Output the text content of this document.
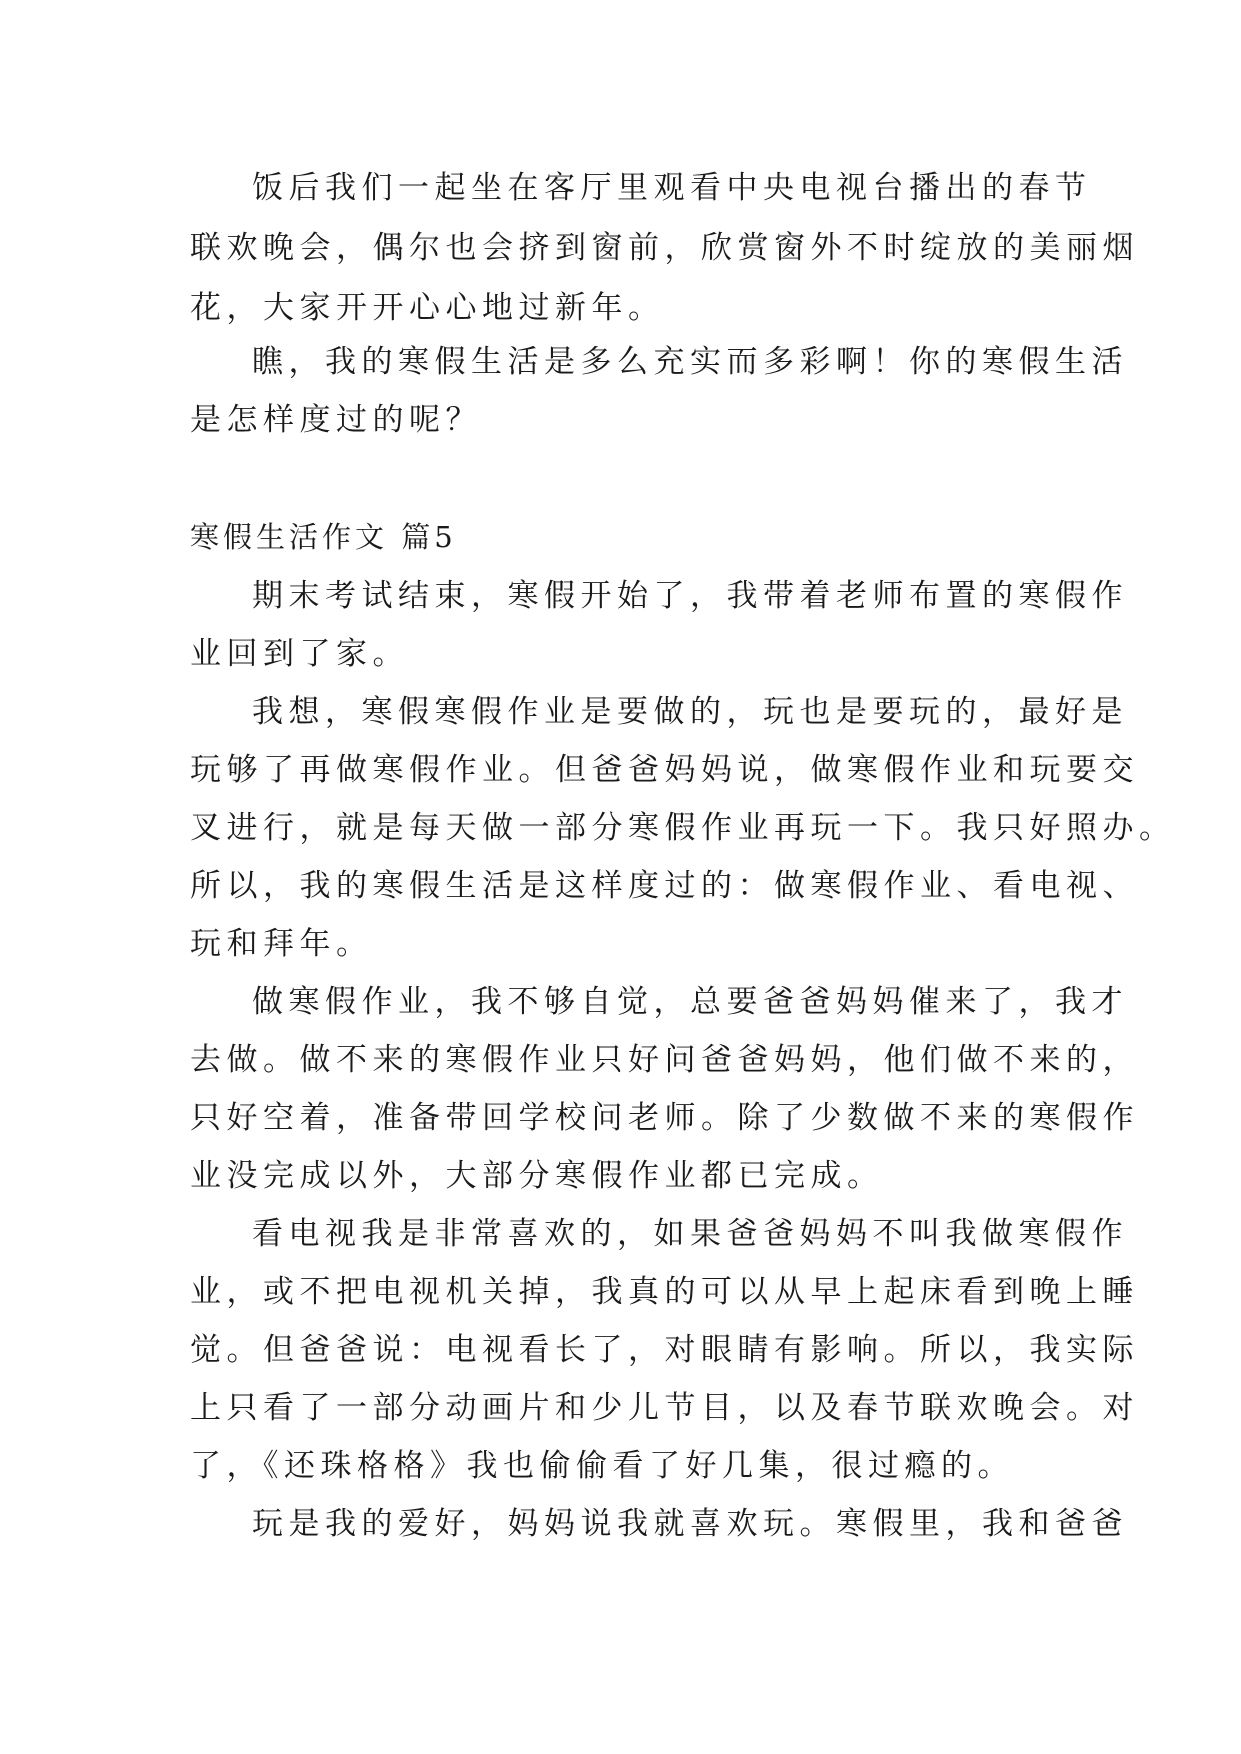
饭后我们一起坐在客厅里观看中央电视台播出的春节
联欢晚会，偶尔也会挤到窗前，欣赏窗外不时绽放的美丽烟
花，大家开开心心地过新年。
瞧，我的寒假生活是多么充实而多彩啊！你的寒假生活
是怎样度过的呢？
寒假生活作文 篇5
期末考试结束，寒假开始了，我带着老师布置的寒假作
业回到了家。
我想，寒假寒假作业是要做的，玩也是要玩的，最好是
玩够了再做寒假作业。但爸爸妈妈说，做寒假作业和玩要交
叉进行，就是每天做一部分寒假作业再玩一下。我只好照办。
所以，我的寒假生活是这样度过的：做寒假作业、看电视、
玩和拜年。
做寒假作业，我不够自觉，总要爸爸妈妈催来了，我才
去做。做不来的寒假作业只好问爸爸妈妈，他们做不来的，
只好空着，准备带回学校问老师。除了少数做不来的寒假作
业没完成以外，大部分寒假作业都已完成。
看电视我是非常喜欢的，如果爸爸妈妈不叫我做寒假作
业，或不把电视机关掉，我真的可以从早上起床看到晚上睡
觉。但爸爸说：电视看长了，对眼睛有影响。所以，我实际
上只看了一部分动画片和少儿节目，以及春节联欢晚会。对
了，《还珠格格》我也偷偷看了好几集，很过瘾的。
玩是我的爱好，妈妈说我就喜欢玩。寒假里，我和爸爸
